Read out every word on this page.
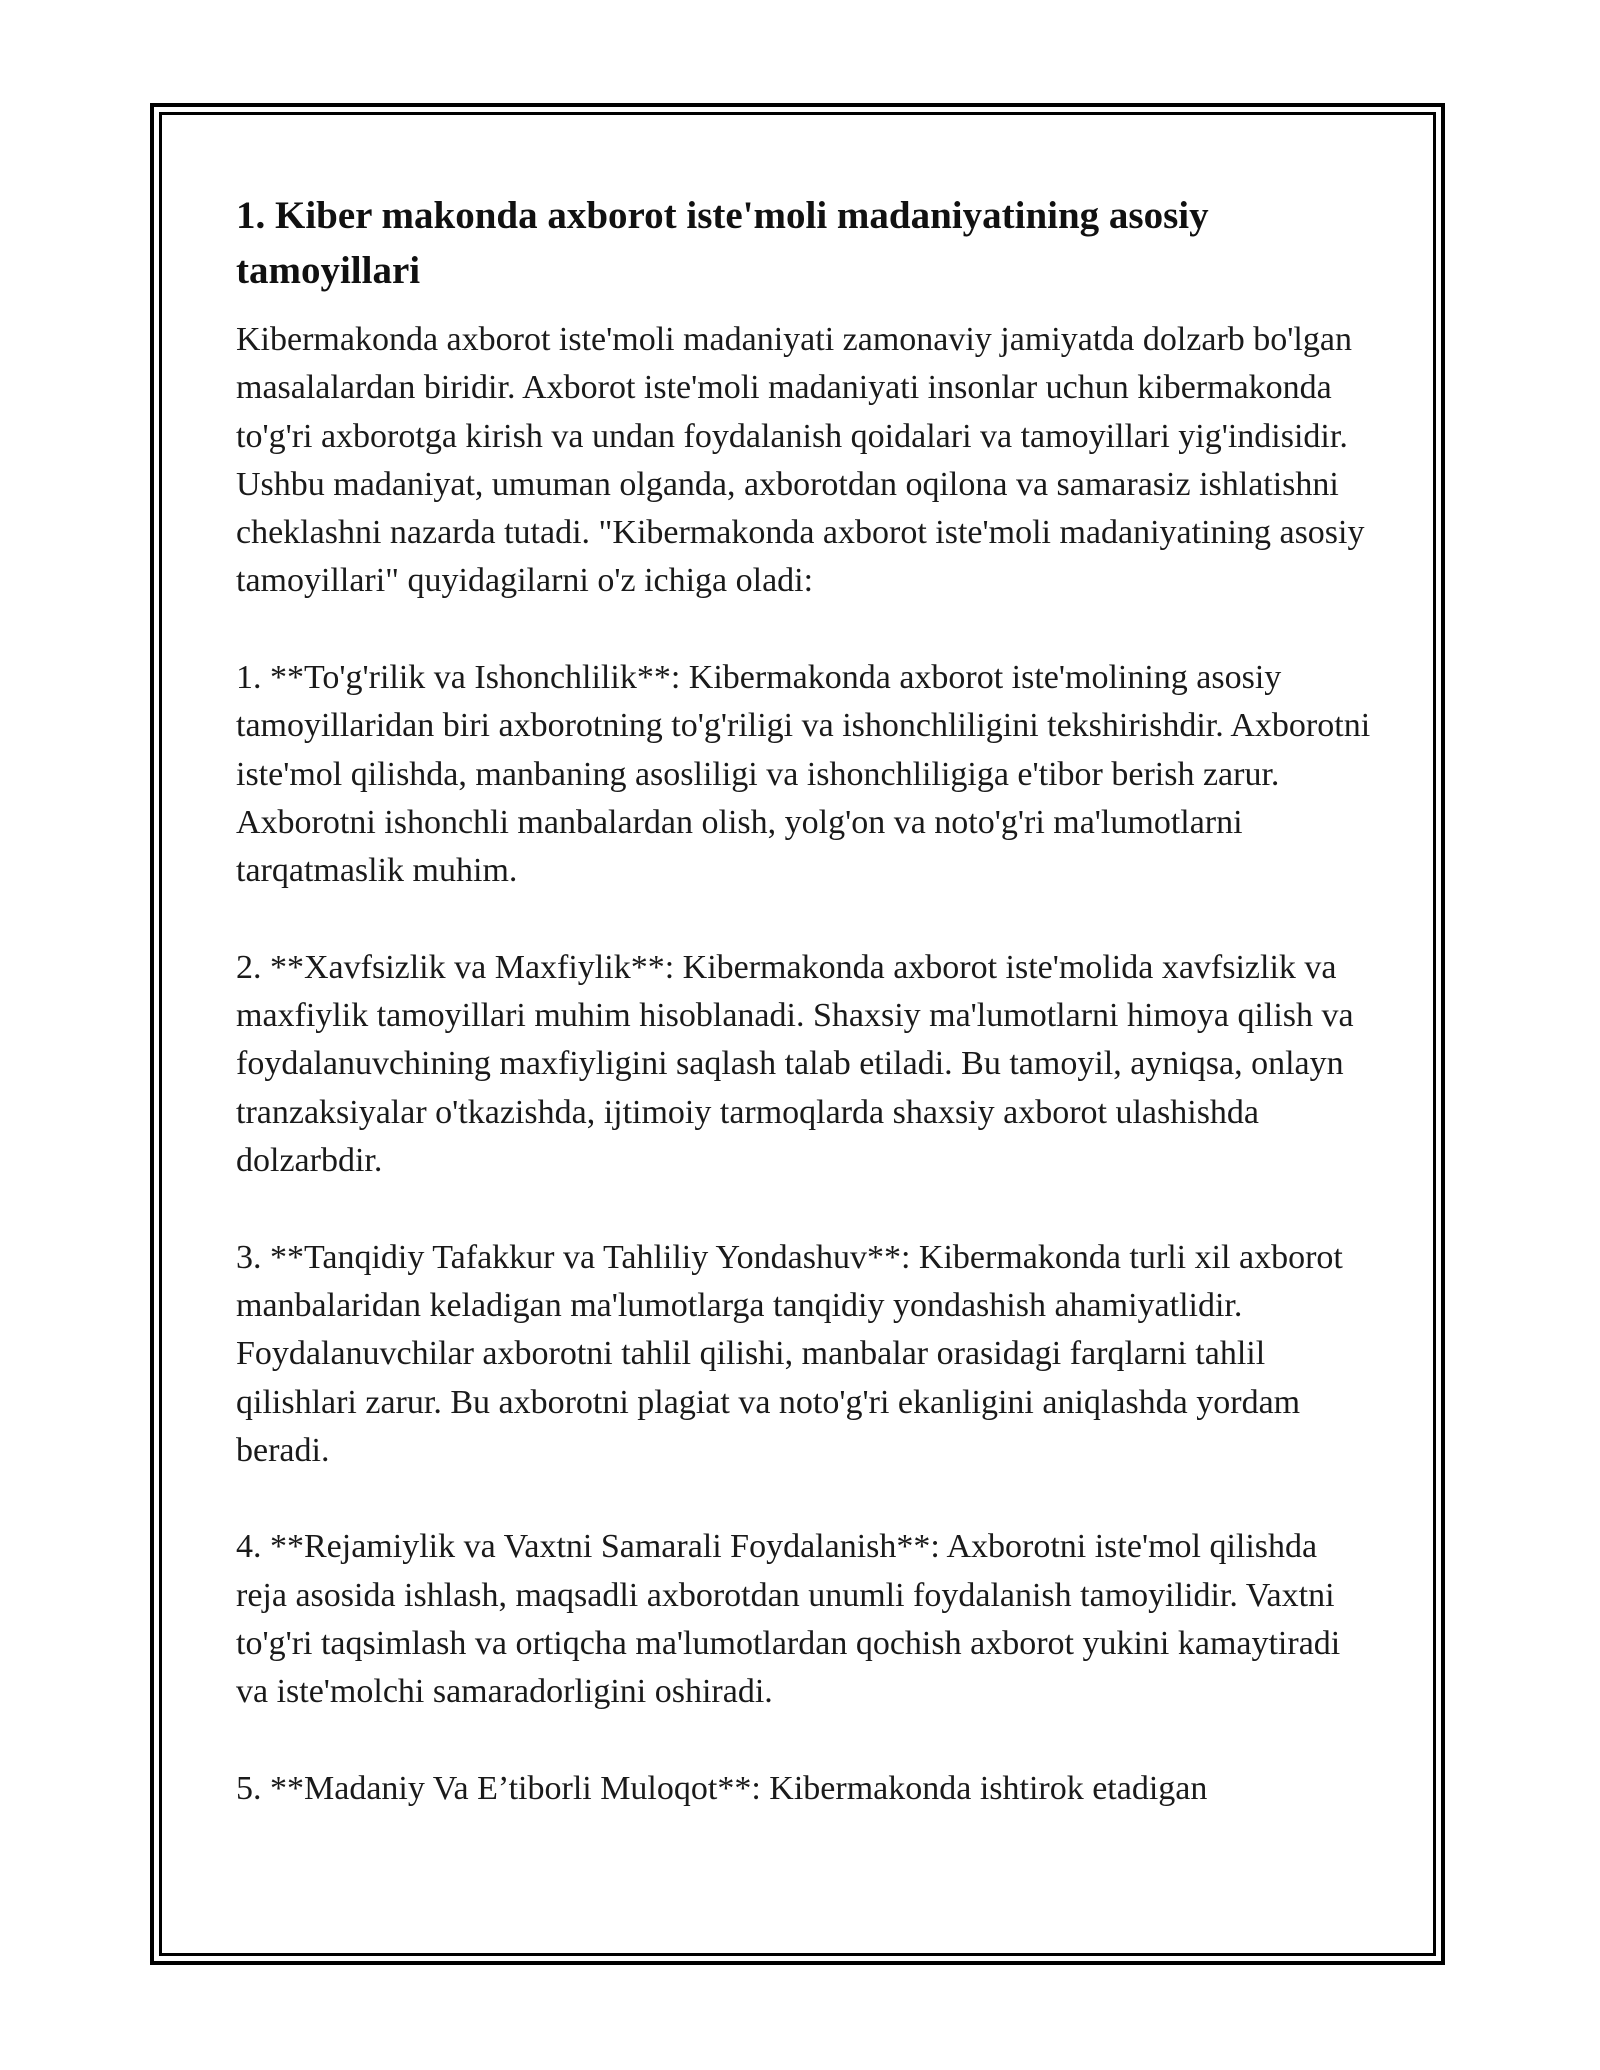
1. Kiber makonda axborot iste'moli madaniyatining asosiy tamoyillari

Kibermakonda axborot iste'moli madaniyati zamonaviy jamiyatda dolzarb bo'lgan masalalardan biridir. Axborot iste'moli madaniyati insonlar uchun kibermakonda to'g'ri axborotga kirish va undan foydalanish qoidalari va tamoyillari yig'indisidir. Ushbu madaniyat, umuman olganda, axborotdan oqilona va samarasiz ishlatishni cheklashni nazarda tutadi. "Kibermakonda axborot iste'moli madaniyatining asosiy tamoyillari" quyidagilarni o'z ichiga oladi:

1. **To'g'rilik va Ishonchlilik**: Kibermakonda axborot iste'molining asosiy tamoyillaridan biri axborotning to'g'riligi va ishonchliligini tekshirishdir. Axborotni iste'mol qilishda, manbaning asosliligi va ishonchliligiga e'tibor berish zarur. Axborotni ishonchli manbalardan olish, yolg'on va noto'g'ri ma'lumotlarni tarqatmaslik muhim.

2. **Xavfsizlik va Maxfiylik**: Kibermakonda axborot iste'molida xavfsizlik va maxfiylik tamoyillari muhim hisoblanadi. Shaxsiy ma'lumotlarni himoya qilish va foydalanuvchining maxfiyligini saqlash talab etiladi. Bu tamoyil, ayniqsa, onlayn tranzaksiyalar o'tkazishda, ijtimoiy tarmoqlarda shaxsiy axborot ulashishda dolzarbdir.

3. **Tanqidiy Tafakkur va Tahliliy Yondashuv**: Kibermakonda turli xil axborot manbalaridan keladigan ma'lumotlarga tanqidiy yondashish ahamiyatlidir. Foydalanuvchilar axborotni tahlil qilishi, manbalar orasidagi farqlarni tahlil qilishlari zarur. Bu axborotni plagiat va noto'g'ri ekanligini aniqlashda yordam beradi.

4. **Rejamiylik va Vaxtni Samarali Foydalanish**: Axborotni iste'mol qilishda reja asosida ishlash, maqsadli axborotdan unumli foydalanish tamoyilidir. Vaxtni to'g'ri taqsimlash va ortiqcha ma'lumotlardan qochish axborot yukini kamaytiradi va iste'molchi samaradorligini oshiradi.

5. **Madaniy Va E’tiborli Muloqot**: Kibermakonda ishtirok etadigan
